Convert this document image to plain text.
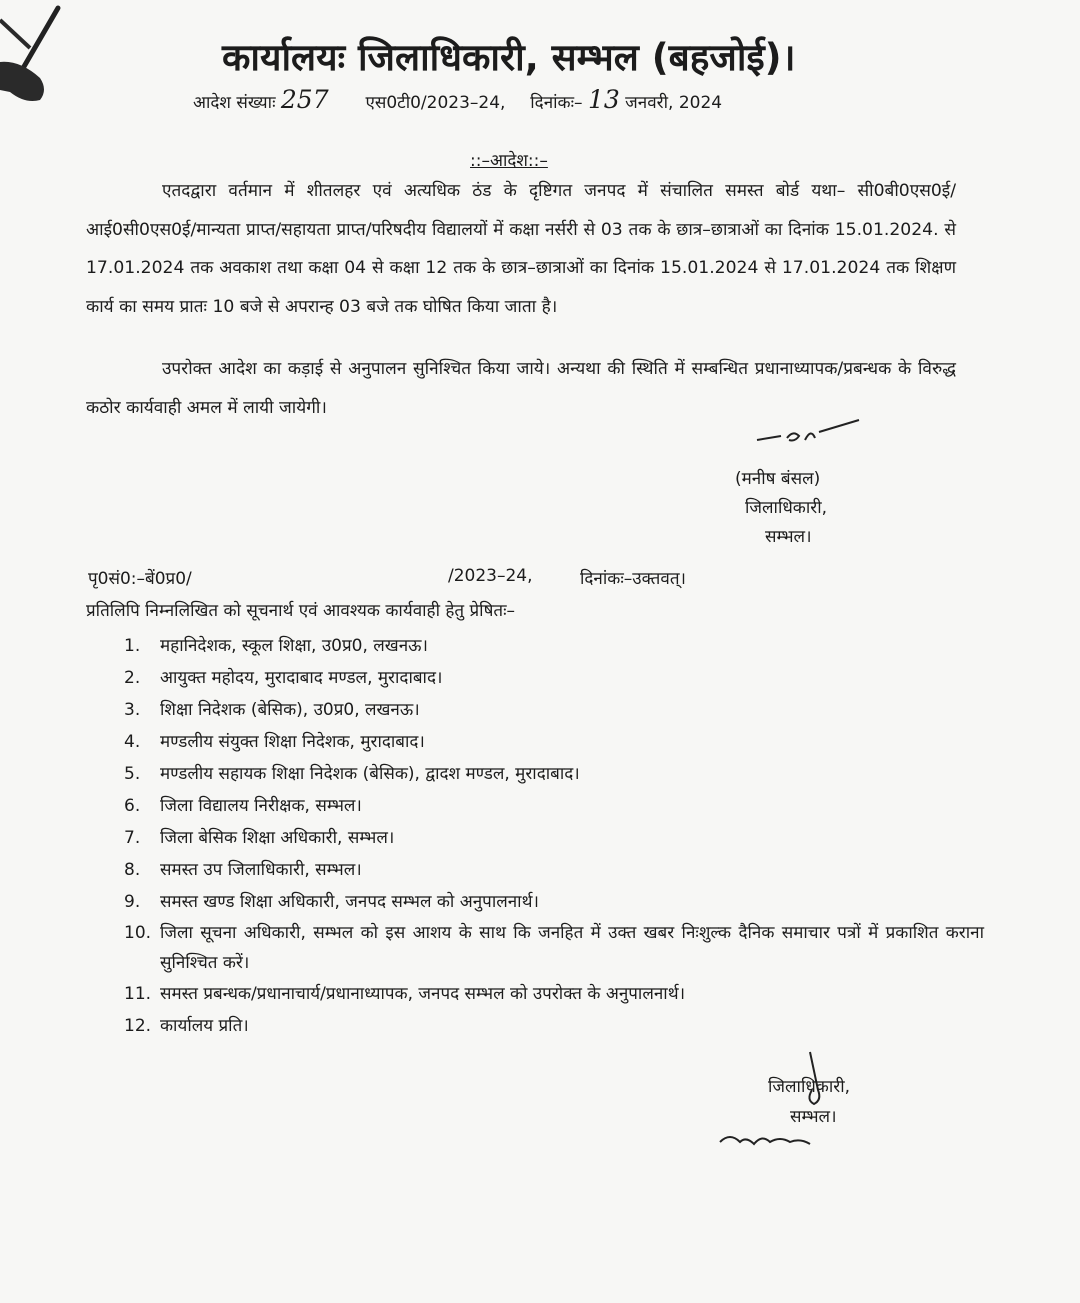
कार्यालयः जिलाधिकारी, सम्भल (बहजोई)।
आदेश संख्याः 257 एस0टी0/2023–24, दिनांकः– 13 जनवरी, 2024
::–आदेश::–
एतदद्वारा वर्तमान में शीतलहर एवं अत्यधिक ठंड के दृष्टिगत जनपद में संचालित समस्त बोर्ड यथा– सी0बी0एस0ई/आई0सी0एस0ई/मान्यता प्राप्त/सहायता प्राप्त/परिषदीय विद्यालयों में कक्षा नर्सरी से 03 तक के छात्र–छात्राओं का दिनांक 15.01.2024. से 17.01.2024 तक अवकाश तथा कक्षा 04 से कक्षा 12 तक के छात्र–छात्राओं का दिनांक 15.01.2024 से 17.01.2024 तक शिक्षण कार्य का समय प्रातः 10 बजे से अपरान्ह 03 बजे तक घोषित किया जाता है।
उपरोक्त आदेश का कड़ाई से अनुपालन सुनिश्चित किया जाये। अन्यथा की स्थिति में सम्बन्धित प्रधानाध्यापक/प्रबन्धक के विरुद्ध कठोर कार्यवाही अमल में लायी जायेगी।
(मनीष बंसल)
जिलाधिकारी,
सम्भल।
पृ0सं0:–बें0प्र0/	/2023–24,	दिनांकः–उक्तवत्।
प्रतिलिपि निम्नलिखित को सूचनार्थ एवं आवश्यक कार्यवाही हेतु प्रेषितः–
1.	महानिदेशक, स्कूल शिक्षा, उ0प्र0, लखनऊ।
2.	आयुक्त महोदय, मुरादाबाद मण्डल, मुरादाबाद।
3.	शिक्षा निदेशक (बेसिक), उ0प्र0, लखनऊ।
4.	मण्डलीय संयुक्त शिक्षा निदेशक, मुरादाबाद।
5.	मण्डलीय सहायक शिक्षा निदेशक (बेसिक), द्वादश मण्डल, मुरादाबाद।
6.	जिला विद्यालय निरीक्षक, सम्भल।
7.	जिला बेसिक शिक्षा अधिकारी, सम्भल।
8.	समस्त उप जिलाधिकारी, सम्भल।
9.	समस्त खण्ड शिक्षा अधिकारी, जनपद सम्भल को अनुपालनार्थ।
10. जिला सूचना अधिकारी, सम्भल को इस आशय के साथ कि जनहित में उक्त खबर निःशुल्क दैनिक समाचार पत्रों में प्रकाशित कराना सुनिश्चित करें।
11. समस्त प्रबन्धक/प्रधानाचार्य/प्रधानाध्यापक, जनपद सम्भल को उपरोक्त के अनुपालनार्थ।
12. कार्यालय प्रति।
जिलाधिकारी,
सम्भल।
